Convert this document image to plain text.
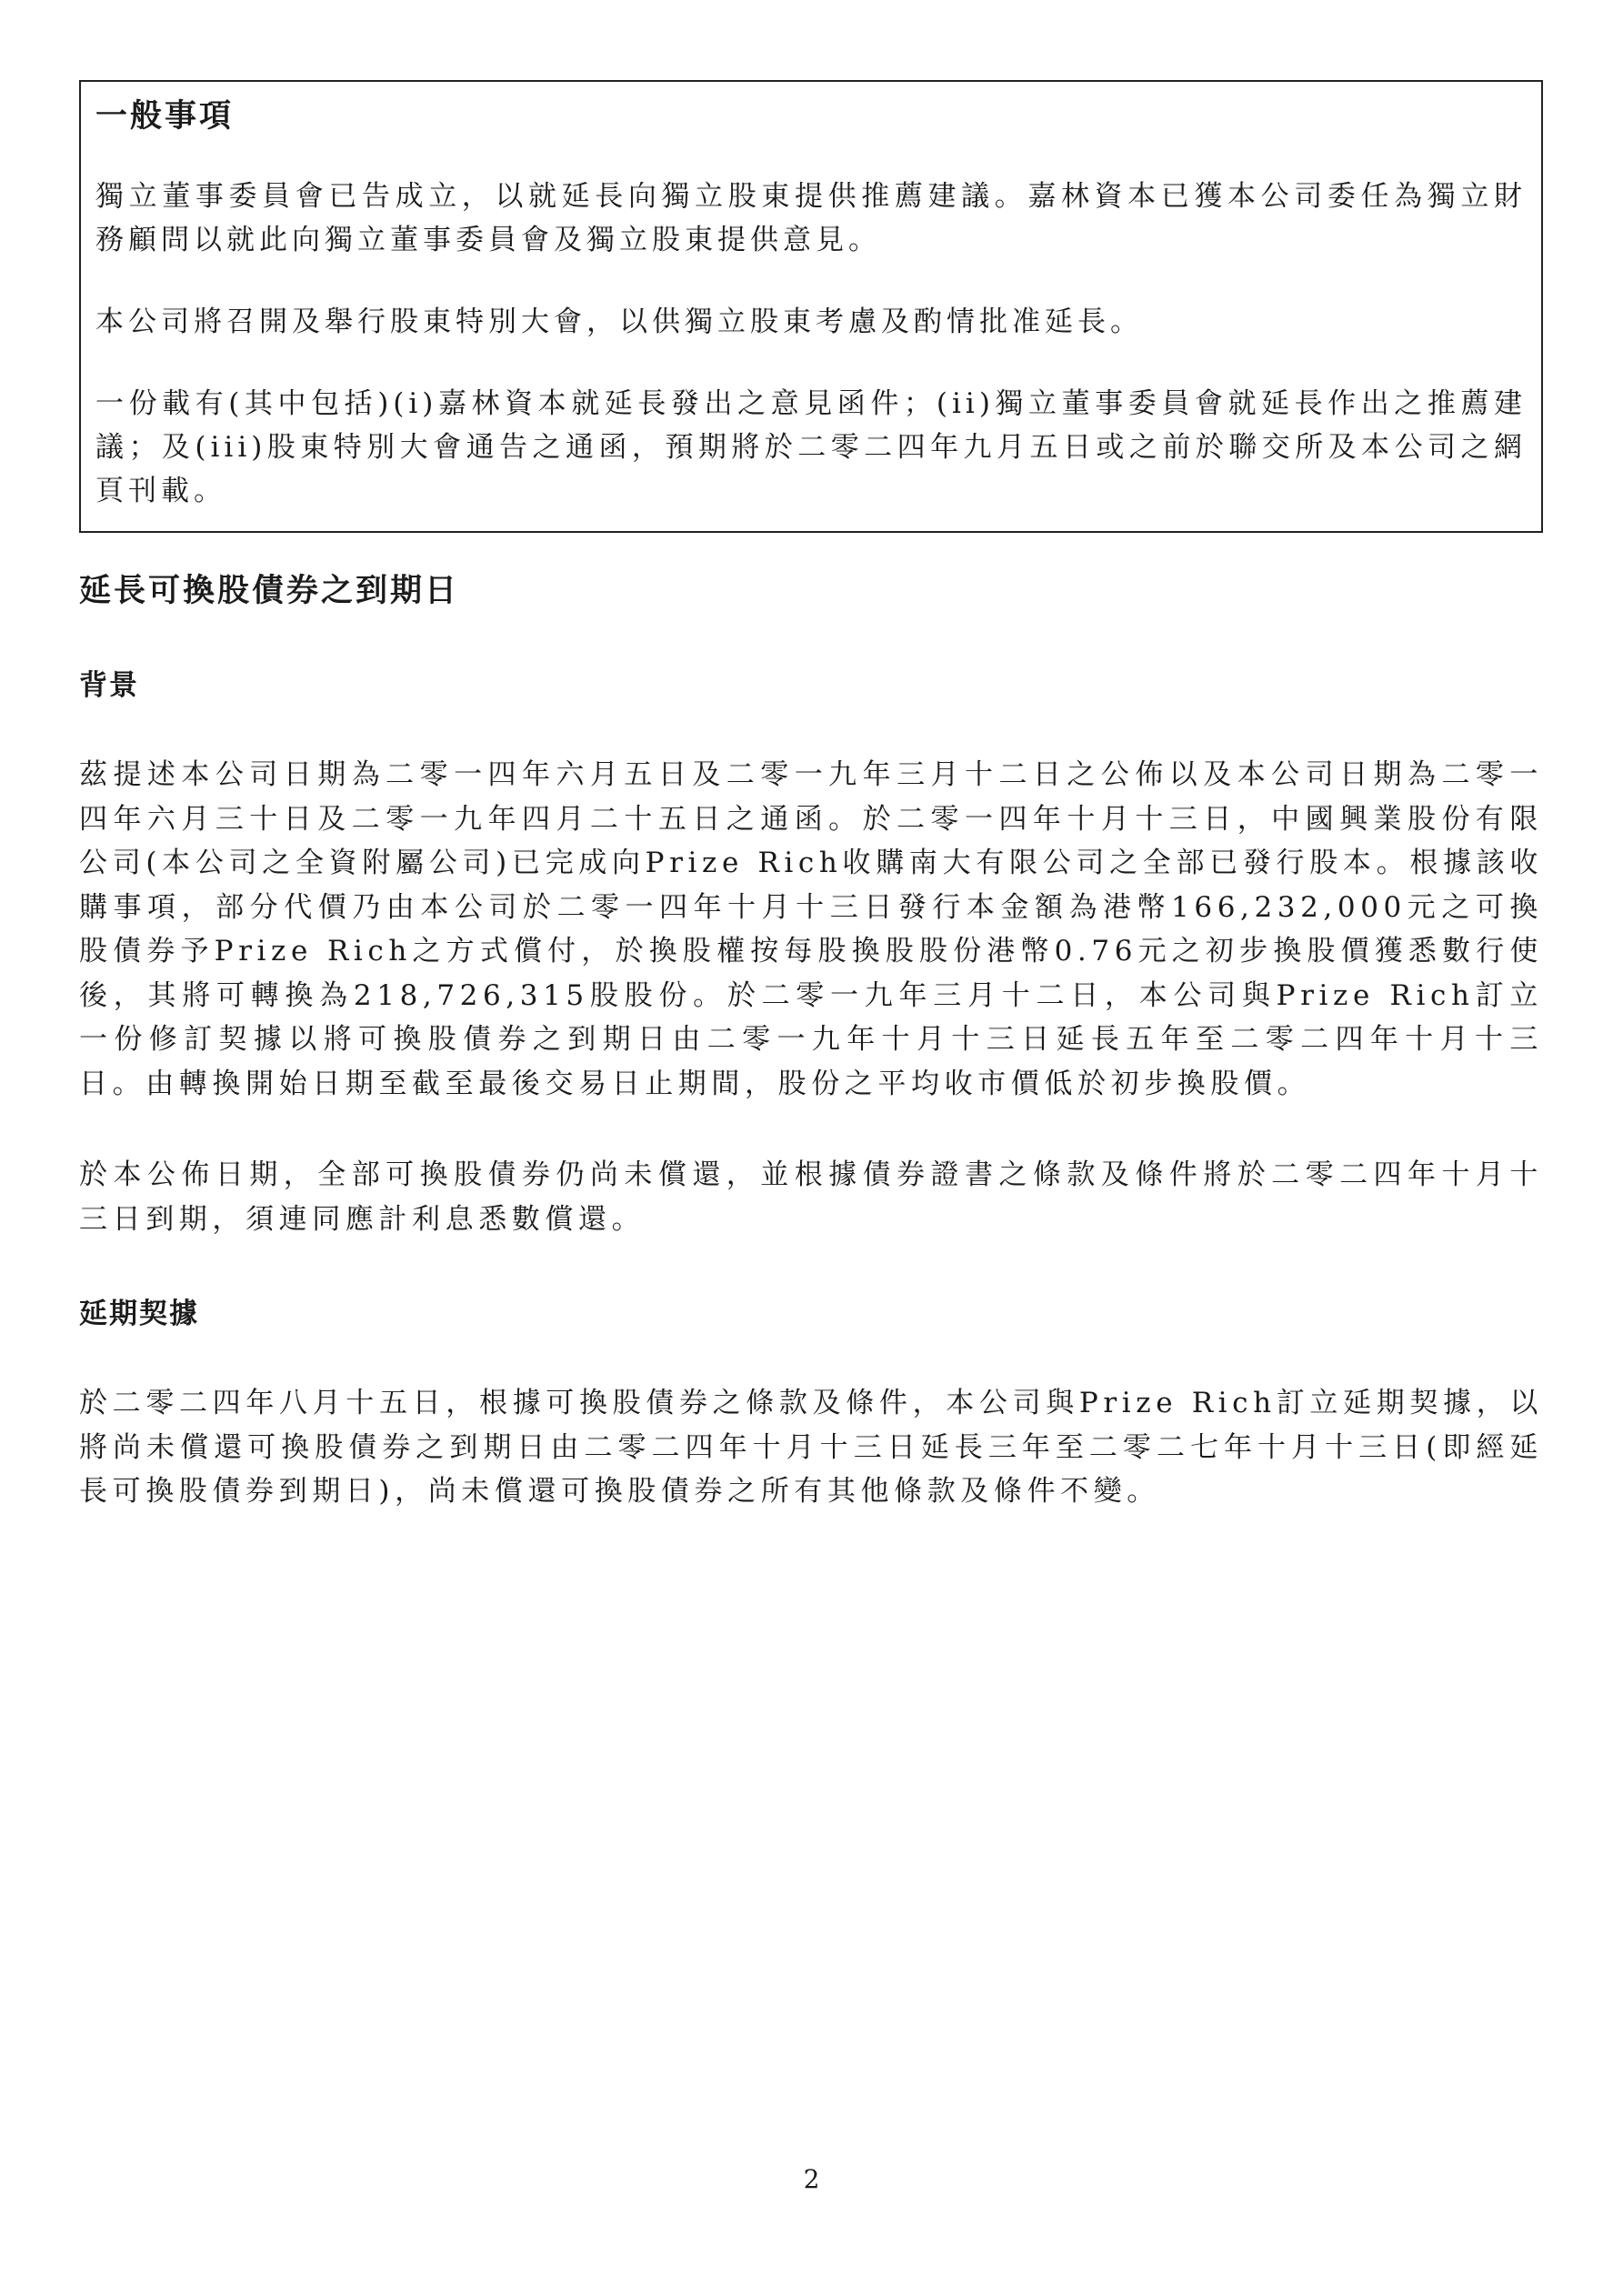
一般事項

獨立董事委員會已告成立，以就延長向獨立股東提供推薦建議。嘉林資本已獲本公司委任為獨立財務顧問以就此向獨立董事委員會及獨立股東提供意見。

本公司將召開及舉行股東特別大會，以供獨立股東考慮及酌情批准延長。

一份載有(其中包括)(i)嘉林資本就延長發出之意見函件；(ii)獨立董事委員會就延長作出之推薦建議；及(iii)股東特別大會通告之通函，預期將於二零二四年九月五日或之前於聯交所及本公司之網頁刊載。

延長可換股債券之到期日
背景

茲提述本公司日期為二零一四年六月五日及二零一九年三月十二日之公佈以及本公司日期為二零一四年六月三十日及二零一九年四月二十五日之通函。於二零一四年十月十三日，中國興業股份有限公司(本公司之全資附屬公司)已完成向Prize Rich收購南大有限公司之全部已發行股本。根據該收購事項，部分代價乃由本公司於二零一四年十月十三日發行本金額為港幣166,232,000元之可換股債券予Prize Rich之方式償付，於換股權按每股換股股份港幣0.76元之初步換股價獲悉數行使後，其將可轉換為218,726,315股股份。於二零一九年三月十二日，本公司與Prize Rich訂立一份修訂契據以將可換股債券之到期日由二零一九年十月十三日延長五年至二零二四年十月十三日。由轉換開始日期至截至最後交易日止期間，股份之平均收市價低於初步換股價。

於本公佈日期，全部可換股債券仍尚未償還，並根據債券證書之條款及條件將於二零二四年十月十三日到期，須連同應計利息悉數償還。

延期契據

於二零二四年八月十五日，根據可換股債券之條款及條件，本公司與Prize Rich訂立延期契據，以將尚未償還可換股債券之到期日由二零二四年十月十三日延長三年至二零二七年十月十三日(即經延長可換股債券到期日)，尚未償還可換股債券之所有其他條款及條件不變。

2
